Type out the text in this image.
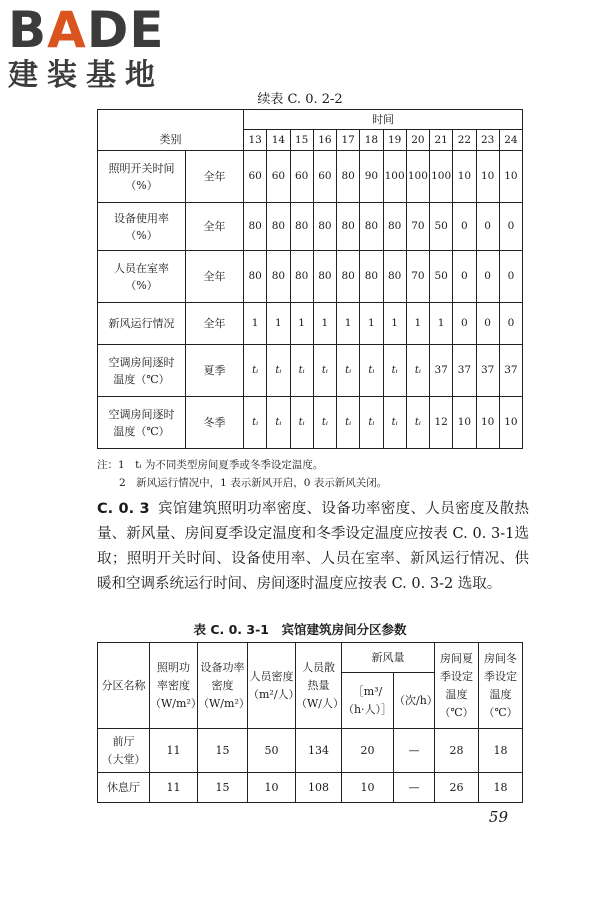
BADE
建装基地
续表 C. 0. 2-2
		时间											
类别		13	14	15	16	17	18	19	20	21	22	23	24
照明开关时间
（%）	全年	60	60	60	60	80	90	100	100	100	10	10	10
设备使用率
（%）	全年	80	80	80	80	80	80	80	70	50	0	0	0
人员在室率
（%）	全年	80	80	80	80	80	80	80	70	50	0	0	0
新风运行情况	全年	1	1	1	1	1	1	1	1	1	0	0	0
空调房间逐时
温度（℃）	夏季	tᵢ	tᵢ	tᵢ	tᵢ	tᵢ	tᵢ	tᵢ	tᵢ	37	37	37	37
空调房间逐时
温度（℃）	冬季	tᵢ	tᵢ	tᵢ	tᵢ	tᵢ	tᵢ	tᵢ	tᵢ	12	10	10	10
注：1　tᵢ 为不同类型房间夏季或冬季设定温度。
2　新风运行情况中，1 表示新风开启，0 表示新风关闭。
C. 0. 3 宾馆建筑照明功率密度、设备功率密度、人员密度及散热量、新风量、房间夏季设定温度和冬季设定温度应按表 C. 0. 3-1选取；照明开关时间、设备使用率、人员在室率、新风运行情况、供暖和空调系统运行时间、房间逐时温度应按表 C. 0. 3-2 选取。
表 C. 0. 3-1　宾馆建筑房间分区参数
分区名称	照明功
率密度
（W/m²）	设备功率
密度
（W/m²）	人员密度
（m²/人）	人员散
热量
（W/人）	新风量		房间夏
季设定
温度
（℃）	房间冬
季设定
温度
（℃）
					［m³/
（h·人）］	（次/h）		
前厅
（大堂）	11	15	50	134	20	—	28	18
休息厅	11	15	10	108	10	—	26	18
59
